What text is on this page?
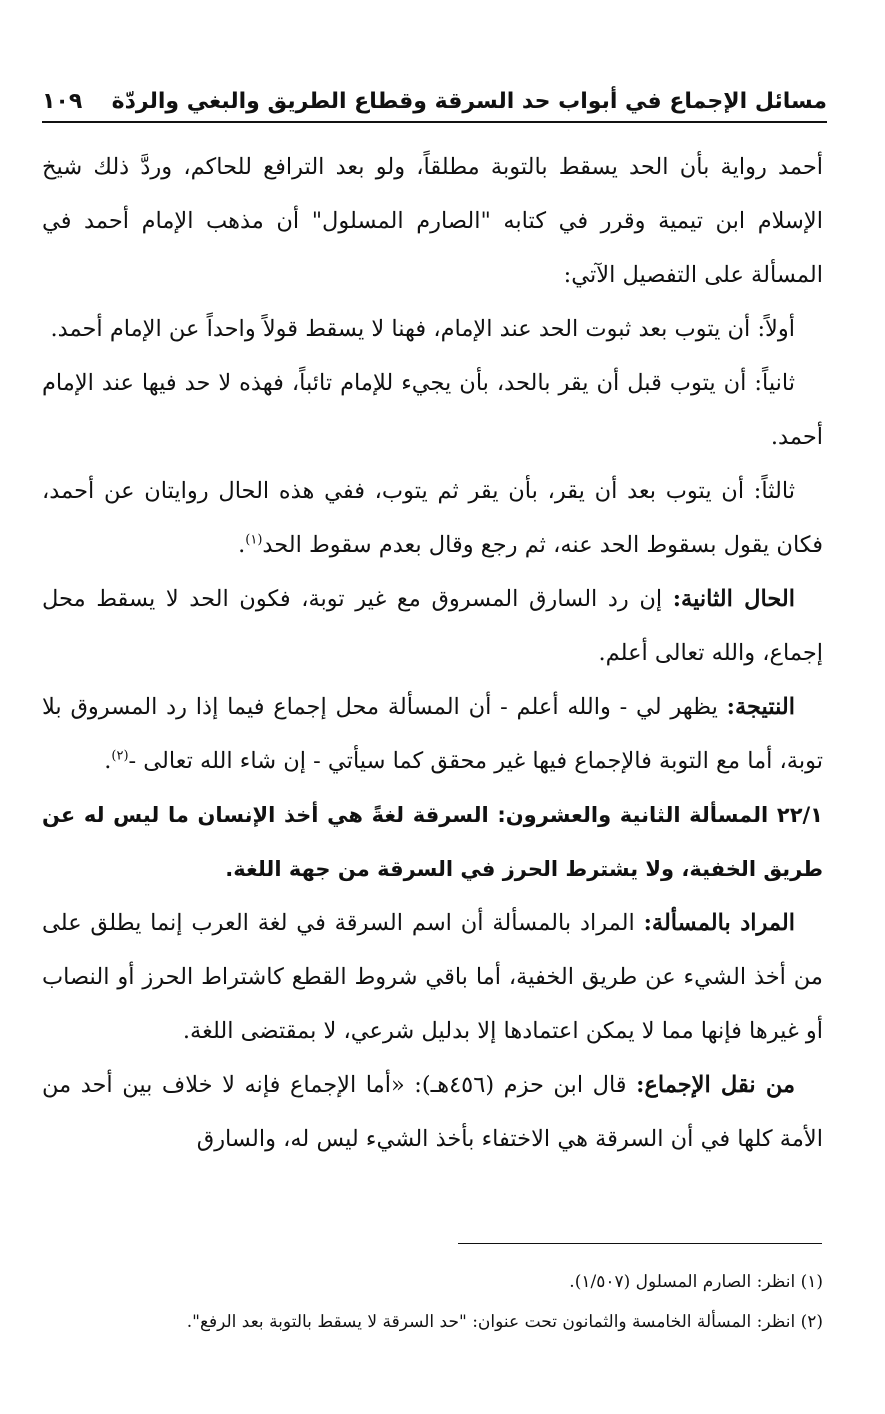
مسائل الإجماع في أبواب حد السرقة وقطاع الطريق والبغي والردّة
١٠٩

أحمد رواية بأن الحد يسقط بالتوبة مطلقاً، ولو بعد الترافع للحاكم، وردَّ ذلك شيخ الإسلام ابن تيمية وقرر في كتابه "الصارم المسلول" أن مذهب الإمام أحمد في المسألة على التفصيل الآتي:

أولاً: أن يتوب بعد ثبوت الحد عند الإمام، فهنا لا يسقط قولاً واحداً عن الإمام أحمد.

ثانياً: أن يتوب قبل أن يقر بالحد، بأن يجيء للإمام تائباً، فهذه لا حد فيها عند الإمام أحمد.

ثالثاً: أن يتوب بعد أن يقر، بأن يقر ثم يتوب، ففي هذه الحال روايتان عن أحمد، فكان يقول بسقوط الحد عنه، ثم رجع وقال بعدم سقوط الحد$^{(١)}$.

الحال الثانية: إن رد السارق المسروق مع غير توبة، فكون الحد لا يسقط محل إجماع، والله تعالى أعلم.

النتيجة: يظهر لي - والله أعلم - أن المسألة محل إجماع فيما إذا رد المسروق بلا توبة، أما مع التوبة فالإجماع فيها غير محقق كما سيأتي - إن شاء الله تعالى -$^{(٢)}$.

٢٢/١ المسألة الثانية والعشرون: السرقة لغةً هي أخذ الإنسان ما ليس له عن طريق الخفية، ولا يشترط الحرز في السرقة من جهة اللغة.

المراد بالمسألة: المراد بالمسألة أن اسم السرقة في لغة العرب إنما يطلق على من أخذ الشيء عن طريق الخفية، أما باقي شروط القطع كاشتراط الحرز أو النصاب أو غيرها فإنها مما لا يمكن اعتمادها إلا بدليل شرعي، لا بمقتضى اللغة.

من نقل الإجماع: قال ابن حزم (٤٥٦هـ): «أما الإجماع فإنه لا خلاف بين أحد من الأمة كلها في أن السرقة هي الاختفاء بأخذ الشيء ليس له، والسارق

(١) انظر: الصارم المسلول (١/٥٠٧).

(٢) انظر: المسألة الخامسة والثمانون تحت عنوان: "حد السرقة لا يسقط بالتوبة بعد الرفع".
